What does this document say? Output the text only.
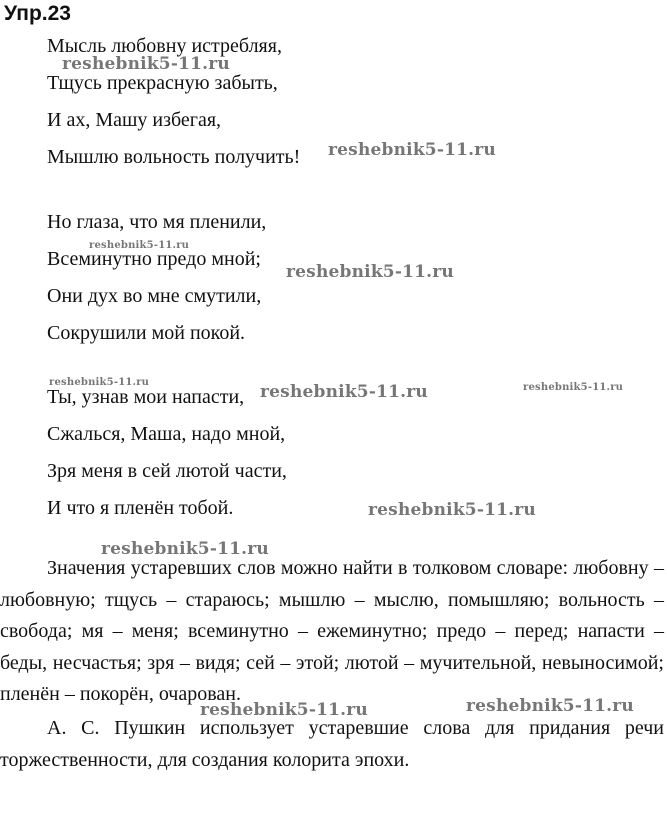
Упр.23
Мысль любовну истребляя,
Тщусь прекрасную забыть,
И ах, Машу избегая,
Мышлю вольность получить!
Но глаза, что мя пленили,
Всеминутно предо мной;
Они дух во мне смутили,
Сокрушили мой покой.
Ты, узнав мои напасти,
Сжалься, Маша, надо мной,
Зря меня в сей лютой части,
И что я пленён тобой.

Значения устаревших слов можно найти в толковом словаре: любовну – любовную; тщусь – стараюсь; мышлю – мыслю, помышляю; вольность – свобода; мя – меня; всеминутно – ежеминутно; предо – перед; напасти – беды, несчастья; зря – видя; сей – этой; лютой – мучительной, невыносимой; пленён – покорён, очарован.

А. С. Пушкин использует устаревшие слова для придания речи торжественности, для создания колорита эпохи.

reshebnik5-11.ru
reshebnik5-11.ru
reshebnik5-11.ru
reshebnik5-11.ru
reshebnik5-11.ru	reshebnik5-11.ru	reshebnik5-11.ru
reshebnik5-11.ru
reshebnik5-11.ru
reshebnik5-11.ru	reshebnik5-11.ru
